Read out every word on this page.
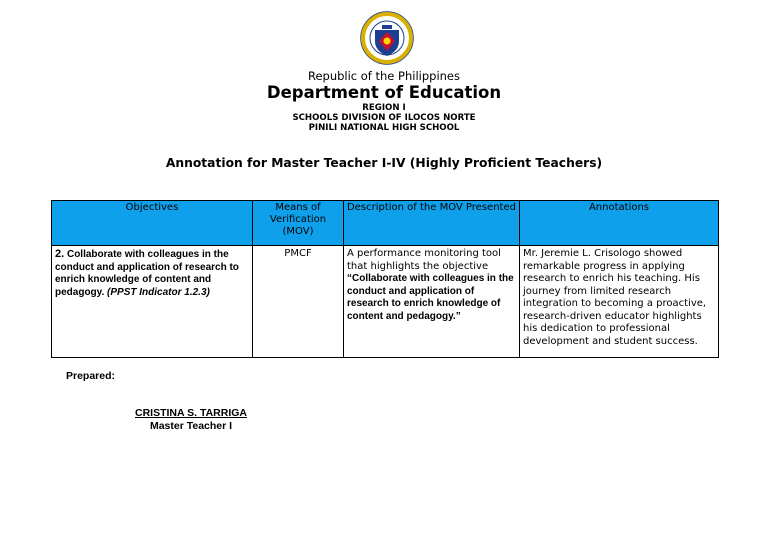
Republic of the Philippines
Department of Education
REGION I
SCHOOLS DIVISION OF ILOCOS NORTE
PINILI NATIONAL HIGH SCHOOL
Annotation for Master Teacher I-IV (Highly Proficient Teachers)
Objectives	Means of Verification (MOV)	Description of the MOV Presented	Annotations
2. Collaborate with colleagues in the conduct and application of research to enrich knowledge of content and pedagogy. (PPST Indicator 1.2.3)	PMCF	A performance monitoring tool that highlights the objective “Collaborate with colleagues in the conduct and application of research to enrich knowledge of content and pedagogy.”	Mr. Jeremie L. Crisologo showed remarkable progress in applying research to enrich his teaching. His journey from limited research integration to becoming a proactive, research-driven educator highlights his dedication to professional development and student success.
Prepared:
CRISTINA S. TARRIGA
Master Teacher I
